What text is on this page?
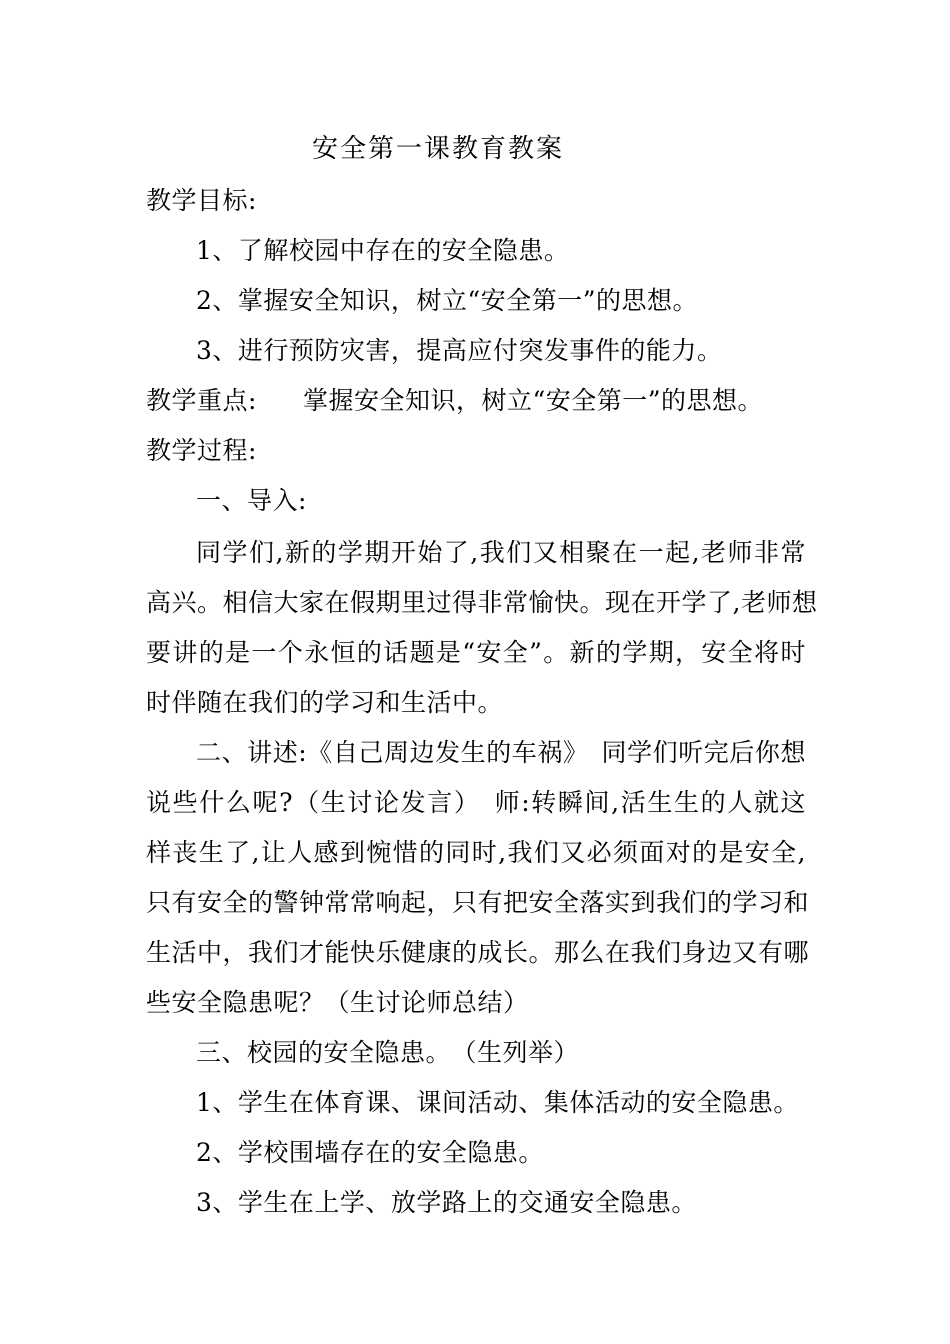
安全第一课教育教案
教学目标:
1、了解校园中存在的安全隐患。
2、掌握安全知识，树立“安全第一”的思想。
3、进行预防灾害，提高应付突发事件的能力。
教学重点: 掌握安全知识，树立“安全第一”的思想。
教学过程:
一、导入:
同学们,新的学期开始了,我们又相聚在一起,老师非常
高兴。相信大家在假期里过得非常愉快。现在开学了,老师想
要讲的是一个永恒的话题是“安全”。新的学期，安全将时
时伴随在我们的学习和生活中。
二、讲述:《自己周边发生的车祸》　同学们听完后你想
说些什么呢?（生讨论发言）　师:转瞬间,活生生的人就这
样丧生了,让人感到惋惜的同时,我们又必须面对的是安全,
只有安全的警钟常常响起，只有把安全落实到我们的学习和
生活中，我们才能快乐健康的成长。那么在我们身边又有哪
些安全隐患呢？（生讨论师总结）
三、校园的安全隐患。　（生列举）
1、学生在体育课、课间活动、集体活动的安全隐患。
2、学校围墙存在的安全隐患。
3、学生在上学、放学路上的交通安全隐患。
